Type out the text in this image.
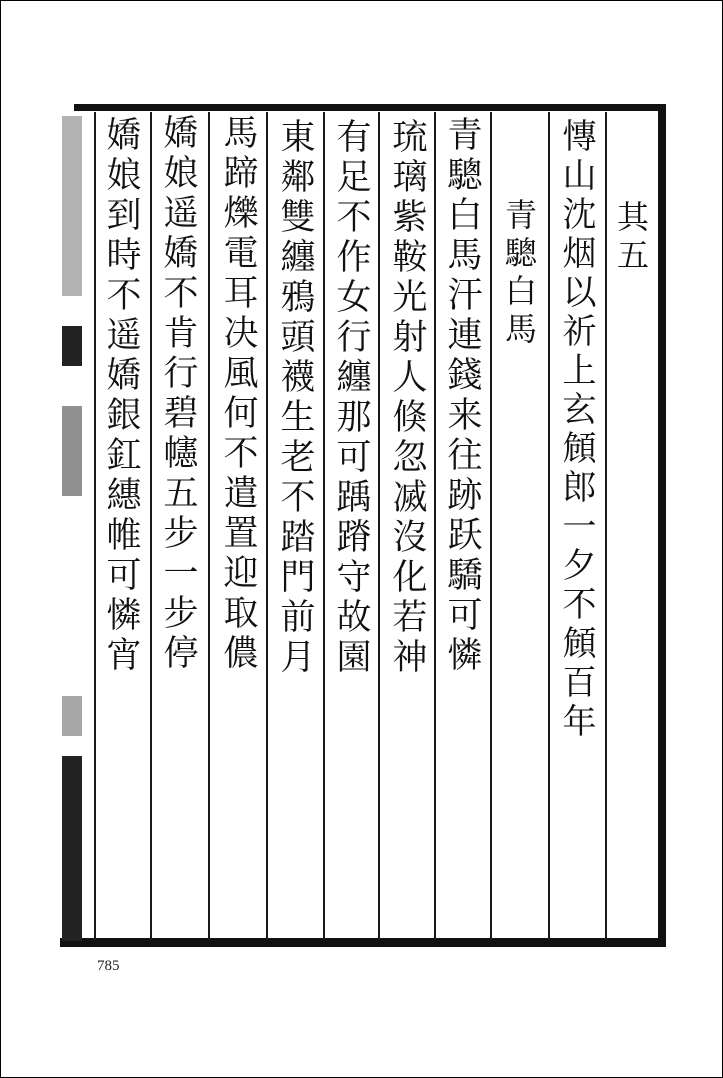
其五
慱山沈烟以祈上玄頠郎一夕不頠百年
青驄白馬
青驄白馬汗連錢来往跡跃驕可憐
琉璃紫鞍光射人倏忽㓕沒化若神
有足不作女行纏那可踽蹐守故園
東鄰雙纏鴉頭襪生老不踏門前月
馬蹄爍電耳决風何不遣置迎取儂
嬌娘遥嬌不肯行碧幰五步一步停
嬌娘到時不遥嬌銀釭繐帷可憐宵
785
